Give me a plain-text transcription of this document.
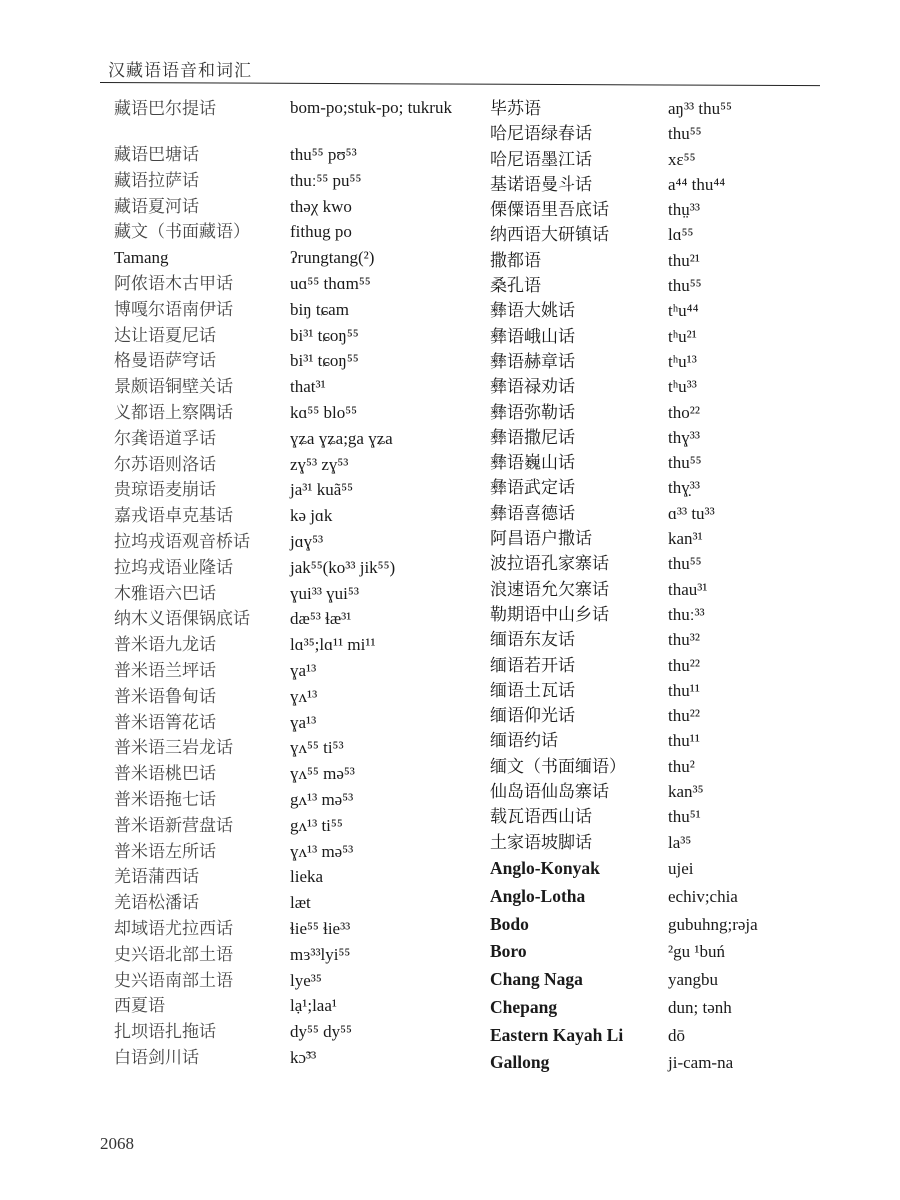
汉藏语语音和词汇
藏语巴尔提话	bom-po;stuk-po; tukruk
藏语巴塘话	thu⁵⁵ pʊ⁵³
藏语拉萨话	thuː⁵⁵ pu⁵⁵
藏语夏河话	thəχ kwo
藏文（书面藏语） fithug po
Tamang	ʔrungtang(²)
阿侬语木古甲话	uɑ⁵⁵ thɑm⁵⁵
博嘎尔语南伊话	biŋ tɕam
达让语夏尼话	bi³¹ tɕoŋ⁵⁵
格曼语萨穹话	bi³¹ tɕoŋ⁵⁵
景颇语铜壁关话	that³¹
义都语上察隅话	kɑ⁵⁵ blo⁵⁵
尔龚语道孚话	ɣʑa ɣʑa;ga ɣʑa
尔苏语则洛话	zɣ⁵³ zɣ⁵³
贵琼语麦崩话	ja³¹ kuã⁵⁵
嘉戎语卓克基话	kə jɑk
拉坞戎语观音桥话 jɑɣ⁵³
拉坞戎语业隆话	jak⁵⁵(ko³³ jik⁵⁵)
木雅语六巴话	ɣui³³ ɣui⁵³
纳木义语倮锅底话 dæ⁵³ ɬæ³¹
普米语九龙话	lɑ³⁵;lɑ¹¹ mi¹¹
普米语兰坪话	ɣa¹³
普米语鲁甸话	ɣʌ¹³
普米语箐花话	ɣa¹³
普米语三岩龙话	ɣʌ⁵⁵ ti⁵³
普米语桃巴话	ɣʌ⁵⁵ mə⁵³
普米语拖七话	gʌ¹³ mə⁵³
普米语新营盘话	gʌ¹³ ti⁵⁵
普米语左所话	ɣʌ¹³ mə⁵³
羌语蒲西话	lieka
羌语松潘话	læt
却域语尤拉西话	ɬie⁵⁵ ɬie³³
史兴语北部土语	mɜ³³lyi⁵⁵
史兴语南部土语	lye³⁵
西夏语	lạ¹;laa¹
扎坝语扎拖话	dy⁵⁵ dy⁵⁵
白语剑川话	kɔ̃³³
毕苏语	aŋ³³ thu⁵⁵
哈尼语绿春话	thu⁵⁵
哈尼语墨江话	xɛ⁵⁵
基诺语曼斗话	a⁴⁴ thu⁴⁴
傈僳语里吾底话	thṳ³³
纳西语大研镇话	lɑ⁵⁵
撒都语	thu²¹
桑孔语	thu⁵⁵
彝语大姚话	tʰu⁴⁴
彝语峨山话	tʰu²¹
彝语赫章话	tʰu¹³
彝语禄劝话	tʰu³³
彝语弥勒话	tho²²
彝语撒尼话	thɣ³³
彝语巍山话	thu⁵⁵
彝语武定话	thɣ̣³³
彝语喜德话	ɑ³³ tu³³
阿昌语户撒话	kan³¹
波拉语孔家寨话	thu⁵⁵
浪速语允欠寨话	thau³¹
勒期语中山乡话	thuː³³
缅语东友话	thu³²
缅语若开话	thu²²
缅语土瓦话	thu¹¹
缅语仰光话	thu²²
缅语约话	thu¹¹
缅文（书面缅语） thu²
仙岛语仙岛寨话	kan³⁵
载瓦语西山话	thu⁵¹
土家语坡脚话	la³⁵
Anglo-Konyak	ujei
Anglo-Lotha	echiv;chia
Bodo	gubuhng;rəja
Boro	²gu ¹buń
Chang Naga	yangbu
Chepang	dun; tənh
Eastern Kayah Li	dō
Gallong	ji-cam-na
2068
